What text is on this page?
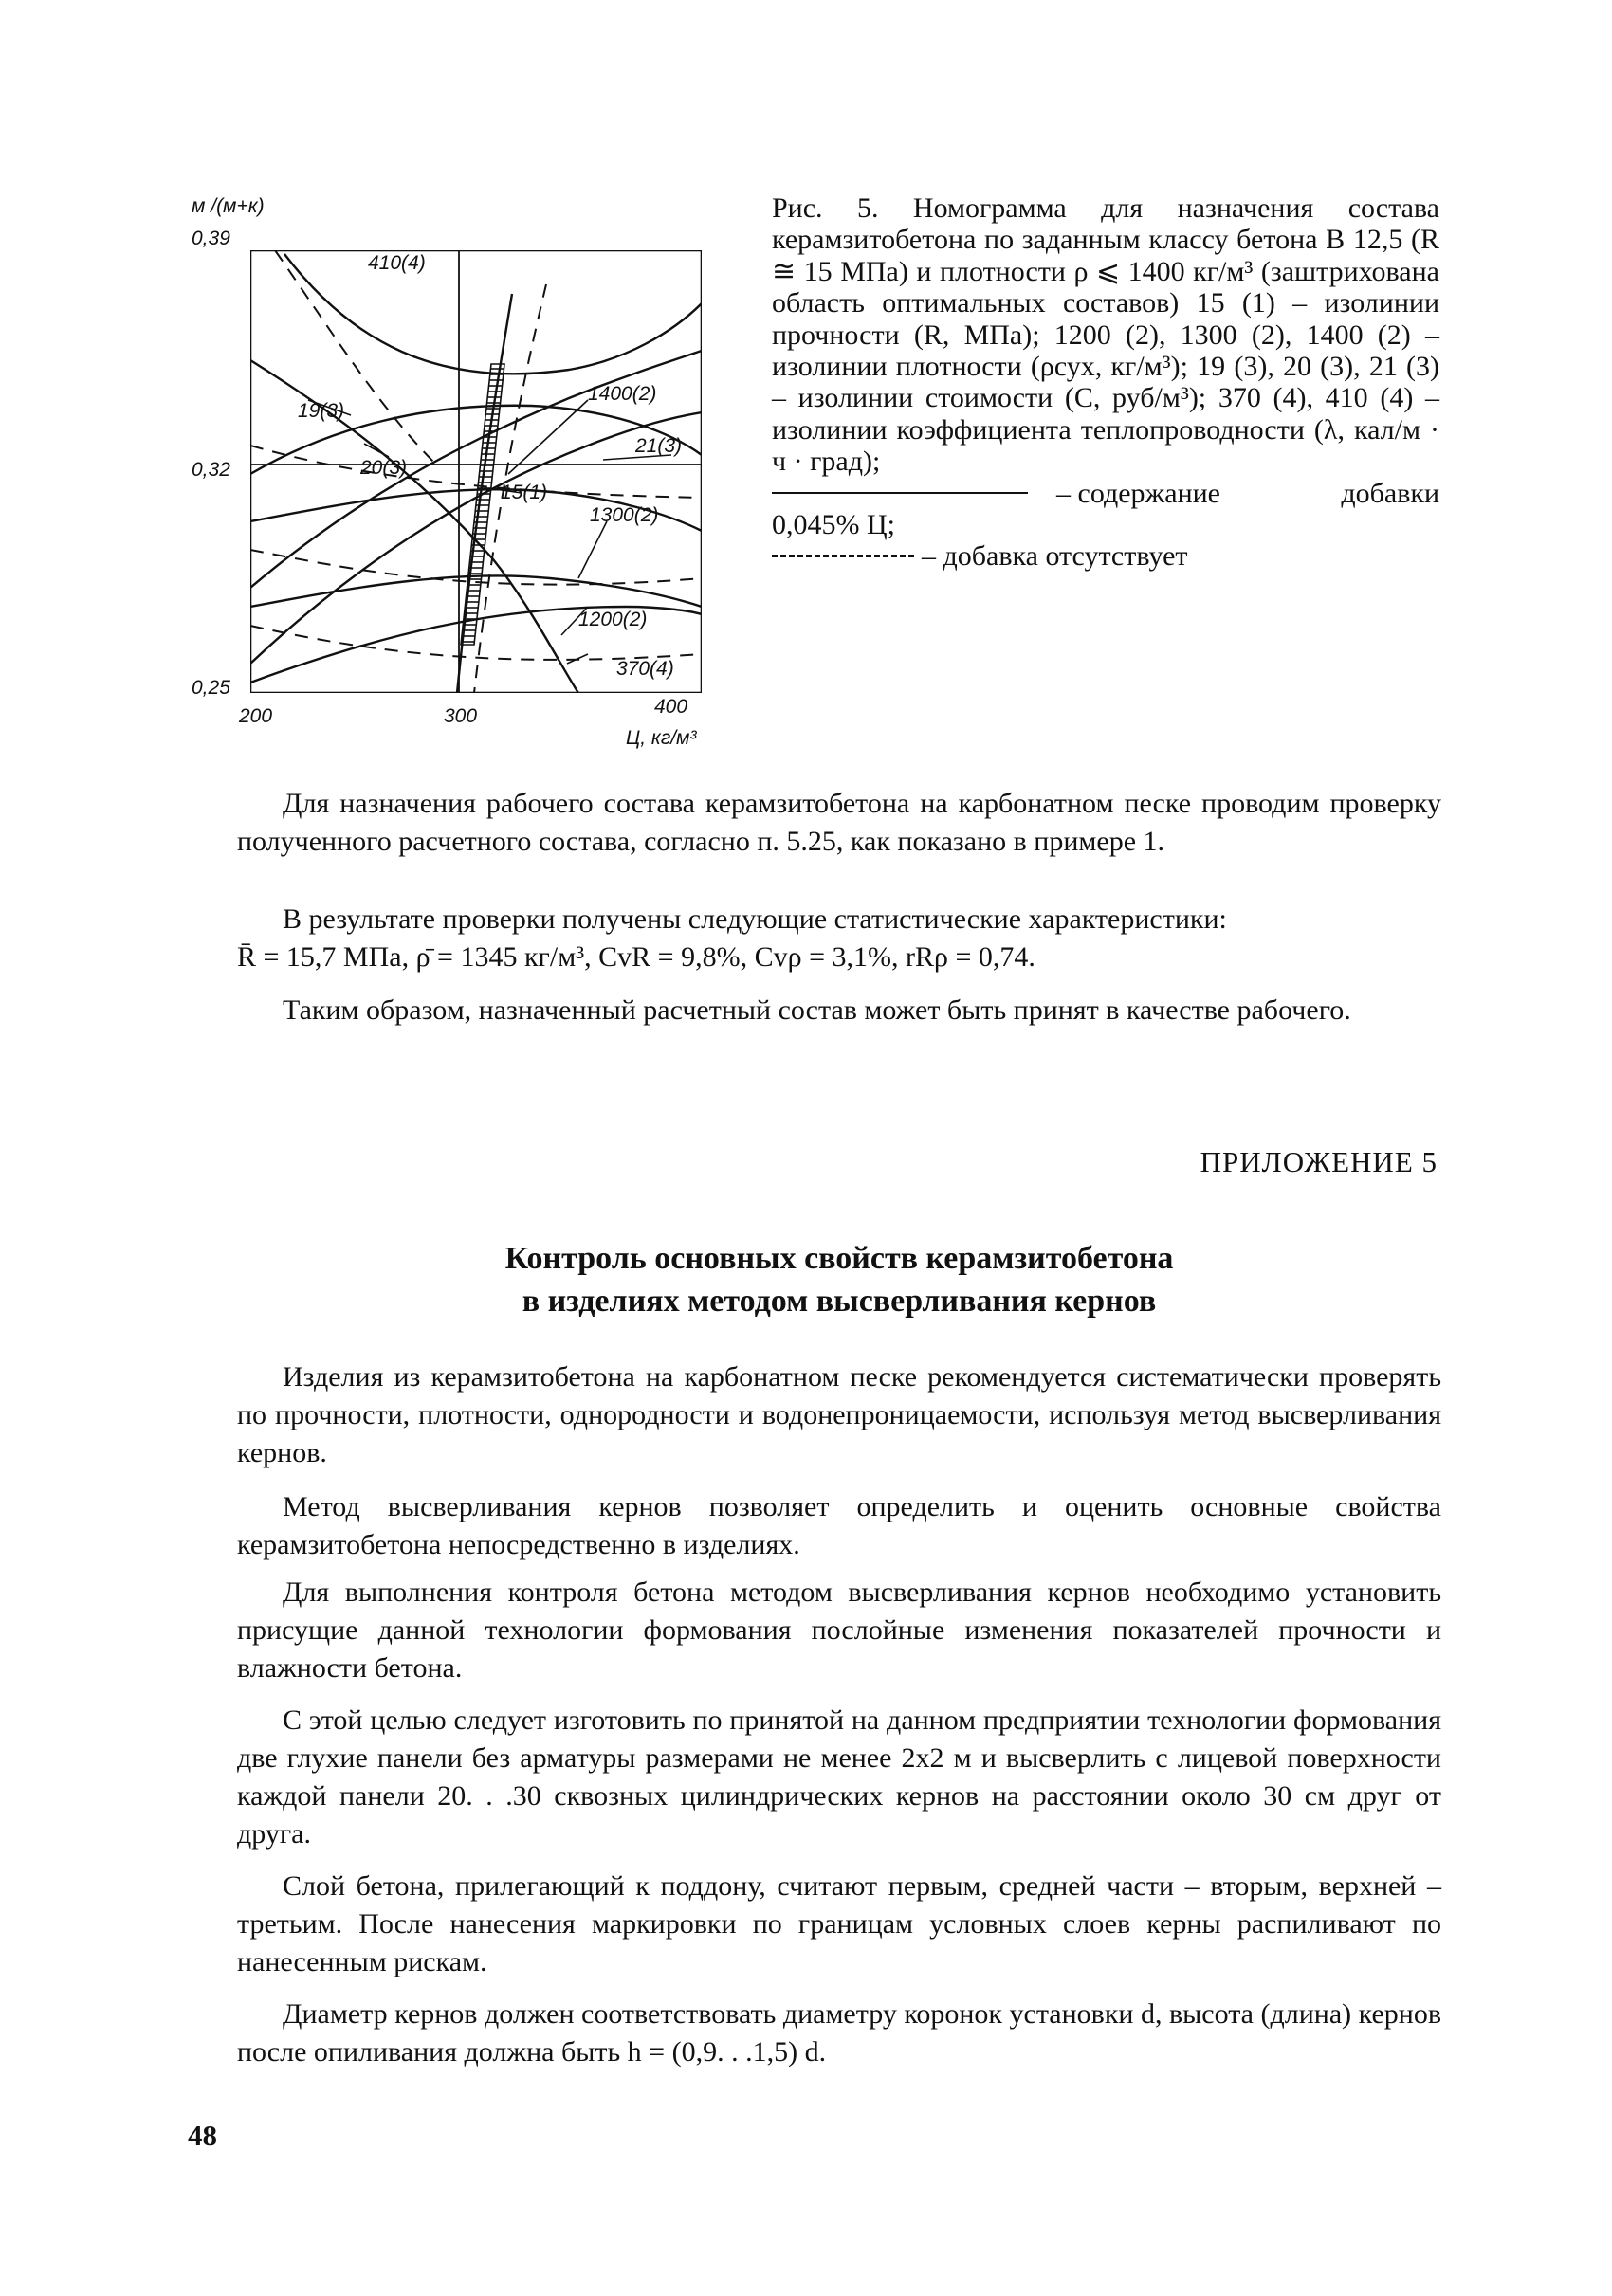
м /(м+к)
0,39
0,32
0,25
200	300	400
Ц, кг/м³
410(4)
19(3)
1400(2)
21(3)
20(3)
15(1)
1300(2)
1200(2)
370(4)

Рис. 5. Номограмма для назначения состава керамзитобетона по заданным классу бетона В 12,5 (R ≅ 15 МПа) и плотности ρ ⩽ 1400 кг/м³ (заштрихована область оптимальных составов) 15 (1) – изолинии прочности (R, МПа); 1200 (2), 1300 (2), 1400 (2) – изолинии плотности (ρсух, кг/м³); 19 (3), 20 (3), 21 (3) – изолинии стоимости (С, руб/м³); 370 (4), 410 (4) – изолинии коэффициента теплопроводности (λ, кал/м · ч · град);

– содержание	добавки
0,045% Ц;
– добавка отсутствует

Для назначения рабочего состава керамзитобетона на карбонатном песке проводим проверку полученного расчетного состава, согласно п. 5.25, как показано в примере 1.

В результате проверки получены следующие статистические характеристики:

R̄ = 15,7 МПа, ρ̄ = 1345 кг/м³, CvR = 9,8%, Cvρ = 3,1%, rRρ = 0,74.

Таким образом, назначенный расчетный состав может быть принят в качестве рабочего.

ПРИЛОЖЕНИЕ 5
Контроль основных свойств керамзитобетона
в изделиях методом высверливания кернов

Изделия из керамзитобетона на карбонатном песке рекомендуется систематически проверять по прочности, плотности, однородности и водонепроницаемости, используя метод высверливания кернов.

Метод высверливания кернов позволяет определить и оценить основные свойства керамзитобетона непосредственно в изделиях.

Для выполнения контроля бетона методом высверливания кернов необходимо установить присущие данной технологии формования послойные изменения показателей прочности и влажности бетона.

С этой целью следует изготовить по принятой на данном предприятии технологии формования две глухие панели без арматуры размерами не менее 2x2 м и высверлить с лицевой поверхности каждой панели 20. . .30 сквозных цилиндрических кернов на расстоянии около 30 см друг от друга.

Слой бетона, прилегающий к поддону, считают первым, средней части – вторым, верхней – третьим. После нанесения маркировки по границам условных слоев керны распиливают по нанесенным рискам.

Диаметр кернов должен соответствовать диаметру коронок установки d, высота (длина) кернов после опиливания должна быть h = (0,9. . .1,5) d.

48
